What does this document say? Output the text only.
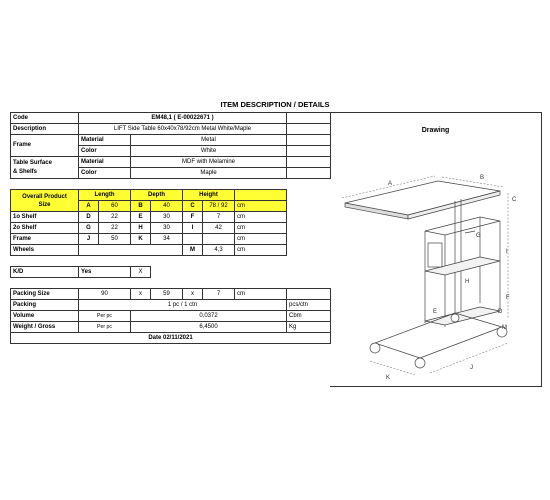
ITEM DESCRIPTION / DETAILS
Code	EM48,1 ( E-00022671 )							
Description	LIFT Side Table 60x40x78/92cm Metal White/Maple							
Frame	Material		Metal					
	Color		White					

Table Surface
& Shelfs	Material		MDF with Melamine					
	Color		Maple					

Overall Product
Size	Length		Depth		Height			
	A	60	B	40	C	78 / 92	cm	
1o Shelf	D	22	E	30	F	7	cm	
2o Shelf	G	22	H	30	I	42	cm	
Frame	J	50	K	34			cm	
Wheels					M	4,3	cm	

K/D	Yes		X					

Packing Size	90		x	59	x	7	cm	
Packing	1 pc / 1 ctn							pcs/ctn
Volume	Per pc		0,0372					Cbm
Weight / Gross	Per pc		6,4500					Kg
Date 02/11/2021								
Drawing
A
B
C
G
I
H
E
F
D
M
K
J
